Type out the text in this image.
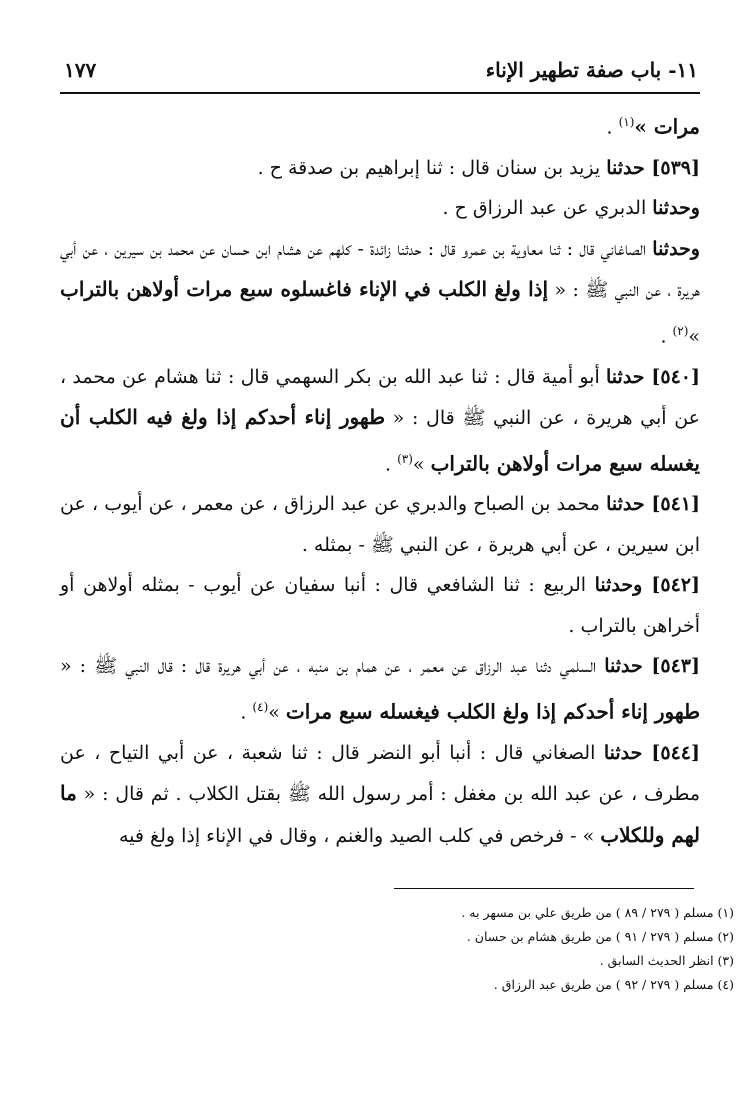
١١- باب صفة تطهير الإناء
١٧٧

مرات »$^{(١)}$ .

[٥٣٩] حدثنا يزيد بن سنان قال : ثنا إبراهيم بن صدقة ح .

وحدثنا الدبري عن عبد الرزاق ح .

وحدثنا الصاغاني قال : ثنا معاوية بن عمرو قال : حدثنا زائدة - كلهم عن هشام ابن حسان عن محمد بن سيرين ، عن أبي هريرة ، عن النبي ﷺ : « إذا ولغ الكلب في الإناء فاغسلوه سبع مرات أولاهن بالتراب »$^{(٢)}$ .

[٥٤٠] حدثنا أبو أمية قال : ثنا عبد الله بن بكر السهمي قال : ثنا هشام عن محمد ، عن أبي هريرة ، عن النبي ﷺ قال : « طهور إناء أحدكم إذا ولغ فيه الكلب أن يغسله سبع مرات أولاهن بالتراب »$^{(٣)}$ .

[٥٤١] حدثنا محمد بن الصباح والدبري عن عبد الرزاق ، عن معمر ، عن أيوب ، عن ابن سيرين ، عن أبي هريرة ، عن النبي ﷺ - بمثله .

[٥٤٢] وحدثنا الربيع : ثنا الشافعي قال : أنبا سفيان عن أيوب - بمثله أولاهن أو أخراهن بالتراب .

[٥٤٣] حدثنا السلمي دثنا عبد الرزاق عن معمر ، عن همام بن منبه ، عن أبي هريرة قال : قال النبي ﷺ : « طهور إناء أحدكم إذا ولغ الكلب فيغسله سبع مرات »$^{(٤)}$ .

[٥٤٤] حدثنا الصغاني قال : أنبا أبو النضر قال : ثنا شعبة ، عن أبي التياح ، عن مطرف ، عن عبد الله بن مغفل : أمر رسول الله ﷺ بقتل الكلاب . ثم قال : « ما لهم وللكلاب » - فرخص في كلب الصيد والغنم ، وقال في الإناء إذا ولغ فيه

(١) مسلم ( ٢٧٩ / ٨٩ ) من طريق علي بن مسهر به .

(٢) مسلم ( ٢٧٩ / ٩١ ) من طريق هشام بن حسان .

(٣) انظر الحديث السابق .

(٤) مسلم ( ٢٧٩ / ٩٢ ) من طريق عبد الرزاق .
